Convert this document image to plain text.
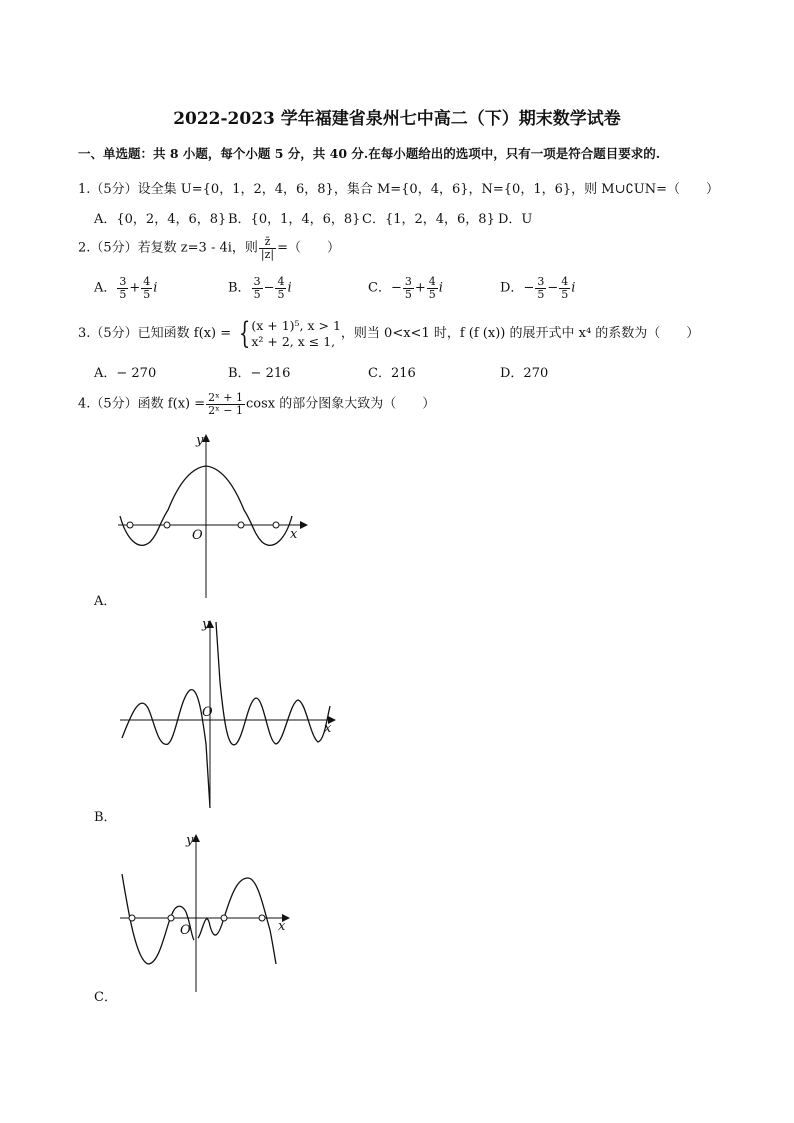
2022-2023 学年福建省泉州七中高二（下）期末数学试卷
一、单选题：共 8 小题，每个小题 5 分，共 40 分.在每小题给出的选项中，只有一项是符合题目要求的.
1.（5分）设全集 U={0，1，2，4，6，8}，集合 M={0，4，6}，N={0，1，6}，则 M∪∁UN=（　　）
A．{0，2，4，6，8} B．{0，1，4，6，8} C．{1，2，4，6，8} D．U
2.（5分）若复数 z=3 - 4i，则 $\frac{z̄}{|z|}$ =（　　）
A． $\frac{3}{5} + \frac{4}{5}$ i	B． $\frac{3}{5} - \frac{4}{5}$ i	C．− $\frac{3}{5} + \frac{4}{5}$ i	D．− $\frac{3}{5} - \frac{4}{5}$ i
3.（5分）已知函数 f(x) = { (x + 1)⁵, x > 1
x² + 2, x ≤ 1, ，则当 0<x<1 时，f (f (x)) 的展开式中 x⁴ 的系数为（　　）
A．− 270	B．− 216	C．216	D．270
4.（5分）函数 $f(x) = \frac{\text{2ˣ + 1}}{\text{2ˣ − 1}}$ cosx 的部分图象大致为（　　）
y
x
O
A．
y
x
O
B．
y
x
O
C．
